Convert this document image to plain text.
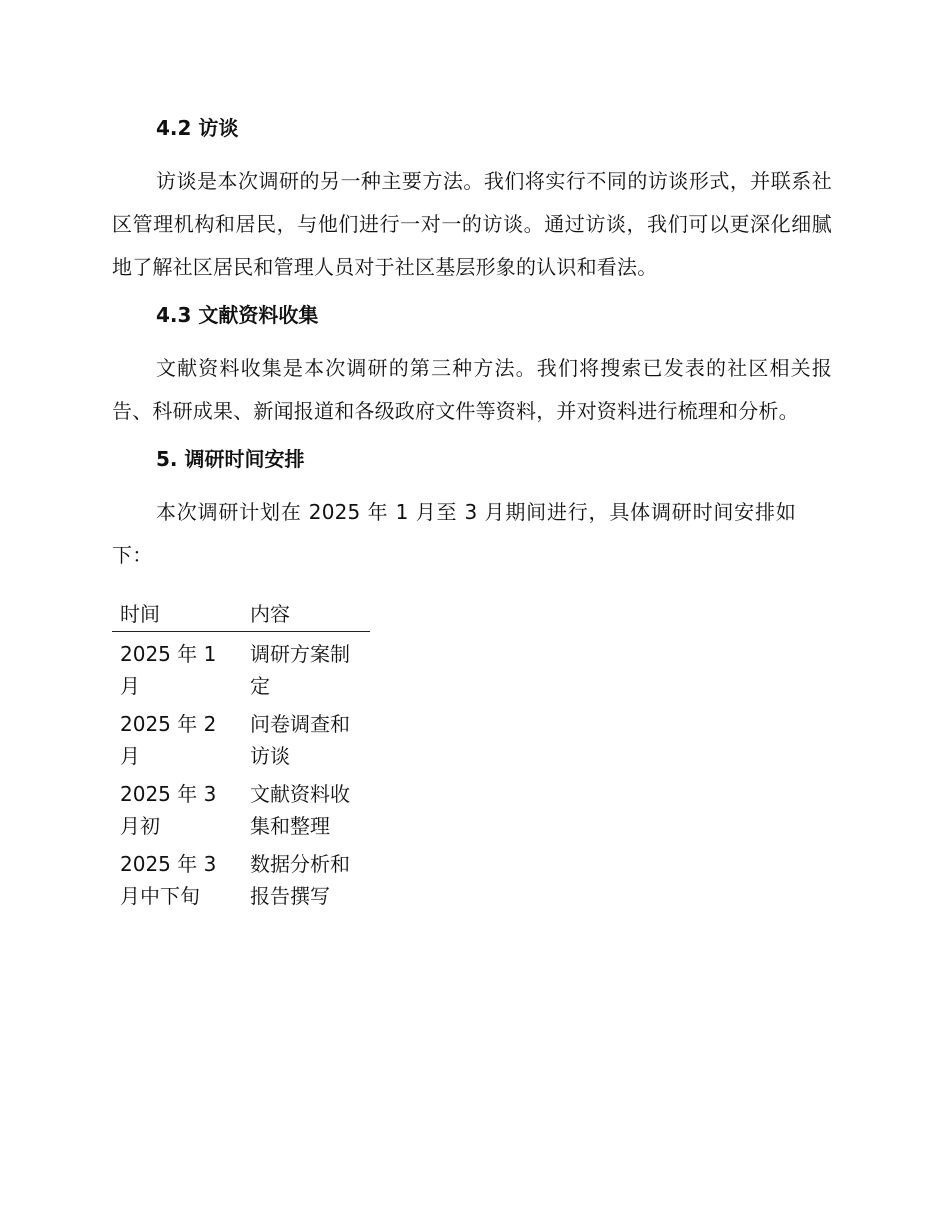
4.2 访谈

访谈是本次调研的另一种主要方法。我们将实行不同的访谈形式，并联系社区管理机构和居民，与他们进行一对一的访谈。通过访谈，我们可以更深化细腻地了解社区居民和管理人员对于社区基层形象的认识和看法。

4.3 文献资料收集

文献资料收集是本次调研的第三种方法。我们将搜索已发表的社区相关报告、科研成果、新闻报道和各级政府文件等资料，并对资料进行梳理和分析。

5. 调研时间安排

本次调研计划在 2025 年 1 月至 3 月期间进行，具体调研时间安排如下：

时间	内容
2025 年 1 月	调研方案制定
2025 年 2 月	问卷调查和访谈
2025 年 3 月初	文献资料收集和整理
2025 年 3 月中下旬	数据分析和报告撰写
